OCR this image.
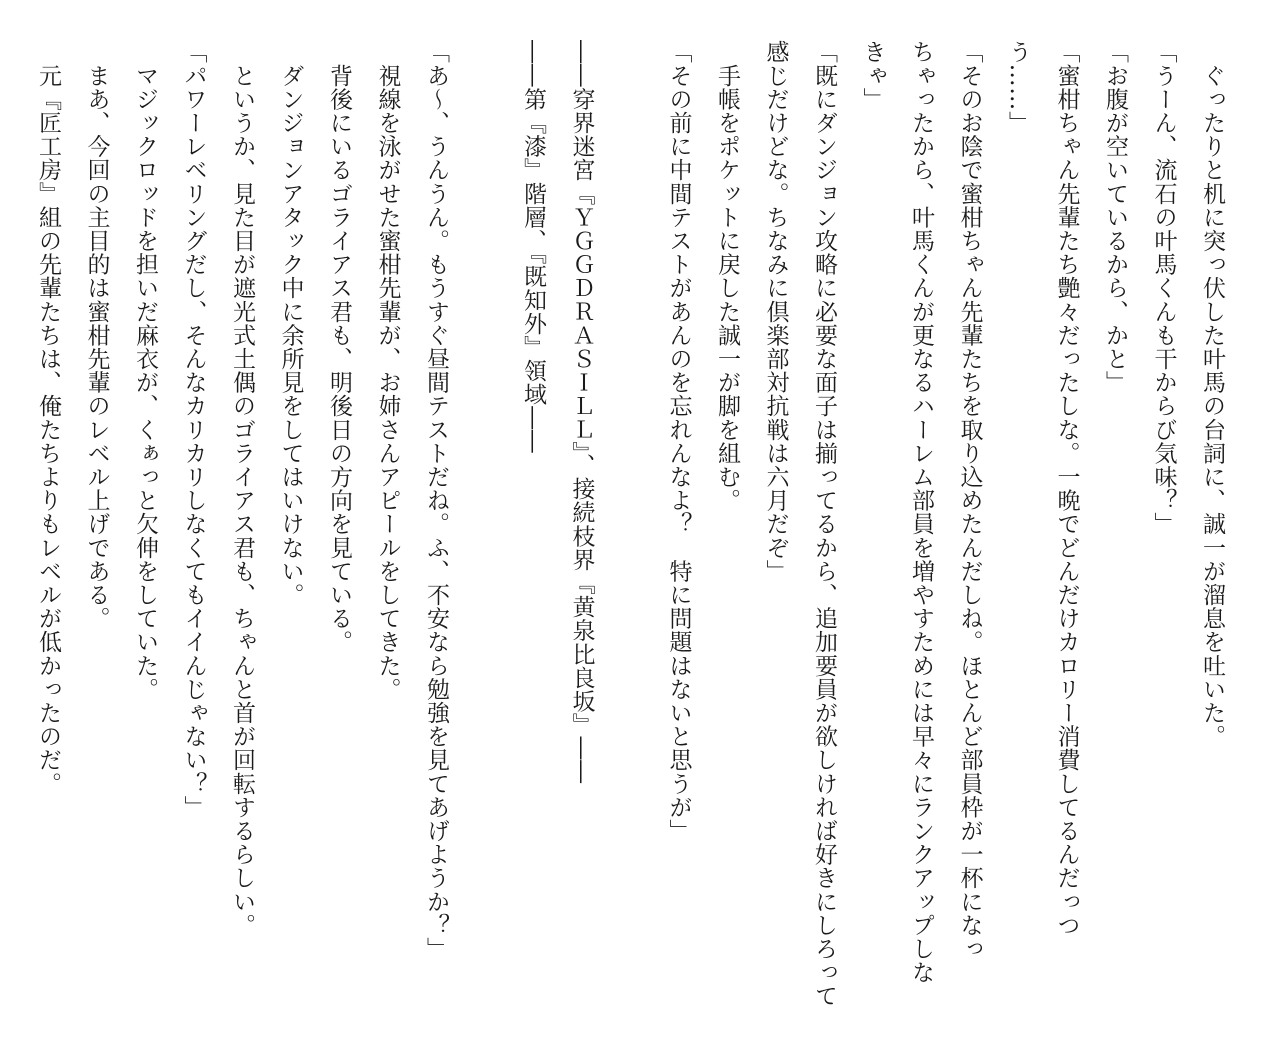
　ぐったりと机に突っ伏した叶馬の台詞に、誠一が溜息を吐いた。

「うーん、流石の叶馬くんも干からび気味？」

「お腹が空いているから、かと」

「蜜柑ちゃん先輩たち艶々だったしな。一晩でどんだけカロリー消費してるんだっつ

う……」

「そのお陰で蜜柑ちゃん先輩たちを取り込めたんだしね。ほとんど部員枠が一杯になっ

ちゃったから、叶馬くんが更なるハーレム部員を増やすためには早々にランクアップしな

きゃ」

「既にダンジョン攻略に必要な面子は揃ってるから、追加要員が欲しければ好きにしろって

感じだけどな。ちなみに倶楽部対抗戦は六月だぞ」

　手帳をポケットに戻した誠一が脚を組む。

「その前に中間テストがあんのを忘れんなよ？　特に問題はないと思うが」

――穿界迷宮『ＹＧＧＤＲＡＳＩＬＬ』、接続枝界『黄泉比良坂』――

――第『漆』階層、『既知外』領域――

「あ〜、うんうん。もうすぐ昼間テストだね。ふ、不安なら勉強を見てあげようか？」

　視線を泳がせた蜜柑先輩が、お姉さんアピールをしてきた。

　背後にいるゴライアス君も、明後日の方向を見ている。

　ダンジョンアタック中に余所見をしてはいけない。

　というか、見た目が遮光式土偶のゴライアス君も、ちゃんと首が回転するらしい。

「パワーレベリングだし、そんなカリカリしなくてもイイんじゃない？」

　マジックロッドを担いだ麻衣が、くぁっと欠伸をしていた。

　まあ、今回の主目的は蜜柑先輩のレベル上げである。

　元『匠工房』組の先輩たちは、俺たちよりもレベルが低かったのだ。
